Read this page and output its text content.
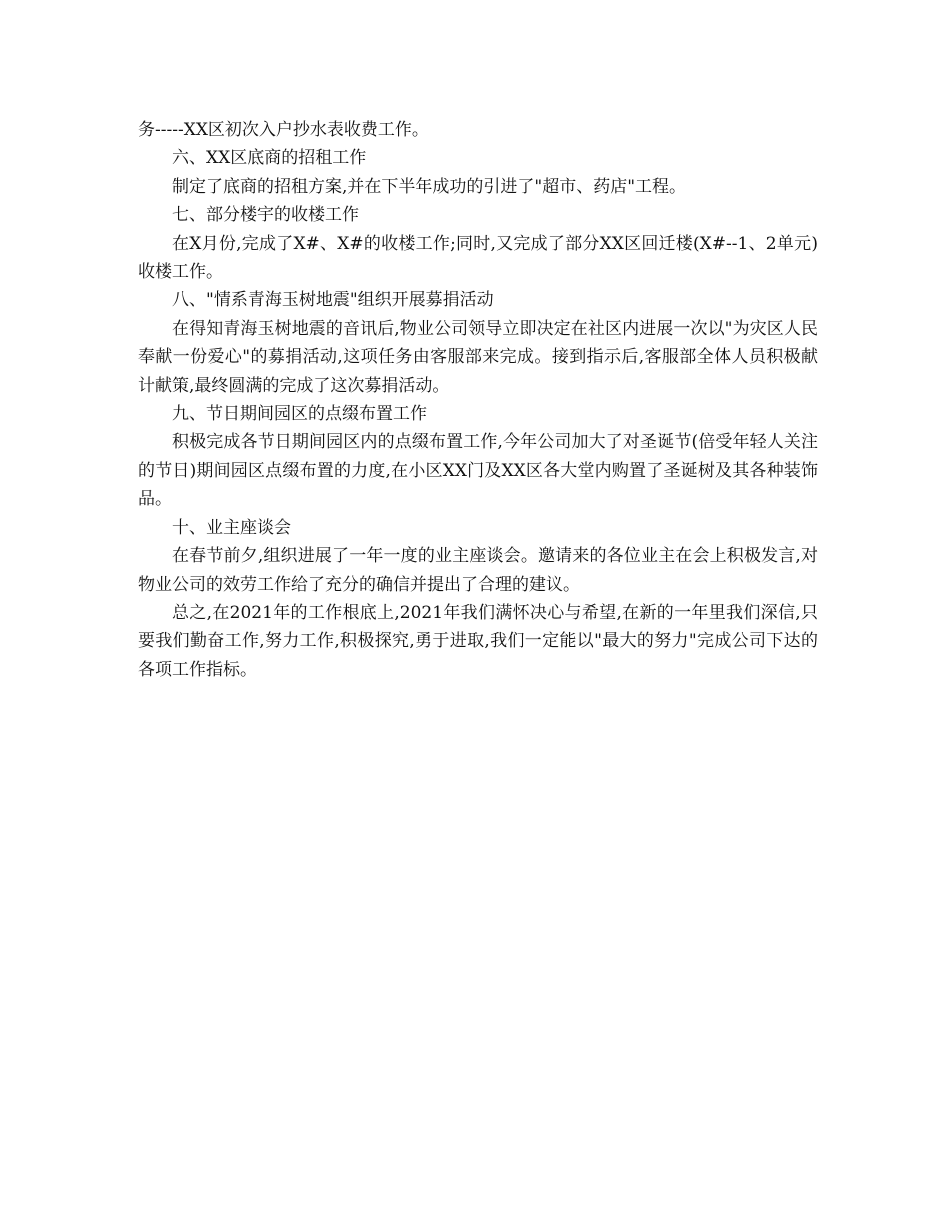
务-----XX区初次入户抄水表收费工作。

六、XX区底商的招租工作

制定了底商的招租方案,并在下半年成功的引进了"超市、药店"工程。

七、部分楼宇的收楼工作

在X月份,完成了X#、X#的收楼工作;同时,又完成了部分XX区回迁楼(X#--1、2单元)收楼工作。

八、"情系青海玉树地震"组织开展募捐活动

在得知青海玉树地震的音讯后,物业公司领导立即决定在社区内进展一次以"为灾区人民奉献一份爱心"的募捐活动,这项任务由客服部来完成。接到指示后,客服部全体人员积极献计献策,最终圆满的完成了这次募捐活动。

九、节日期间园区的点缀布置工作

积极完成各节日期间园区内的点缀布置工作,今年公司加大了对圣诞节(倍受年轻人关注的节日)期间园区点缀布置的力度,在小区XX门及XX区各大堂内购置了圣诞树及其各种装饰品。

十、业主座谈会

在春节前夕,组织进展了一年一度的业主座谈会。邀请来的各位业主在会上积极发言,对物业公司的效劳工作给了充分的确信并提出了合理的建议。

总之,在2021年的工作根底上,2021年我们满怀决心与希望,在新的一年里我们深信,只要我们勤奋工作,努力工作,积极探究,勇于进取,我们一定能以"最大的努力"完成公司下达的各项工作指标。
